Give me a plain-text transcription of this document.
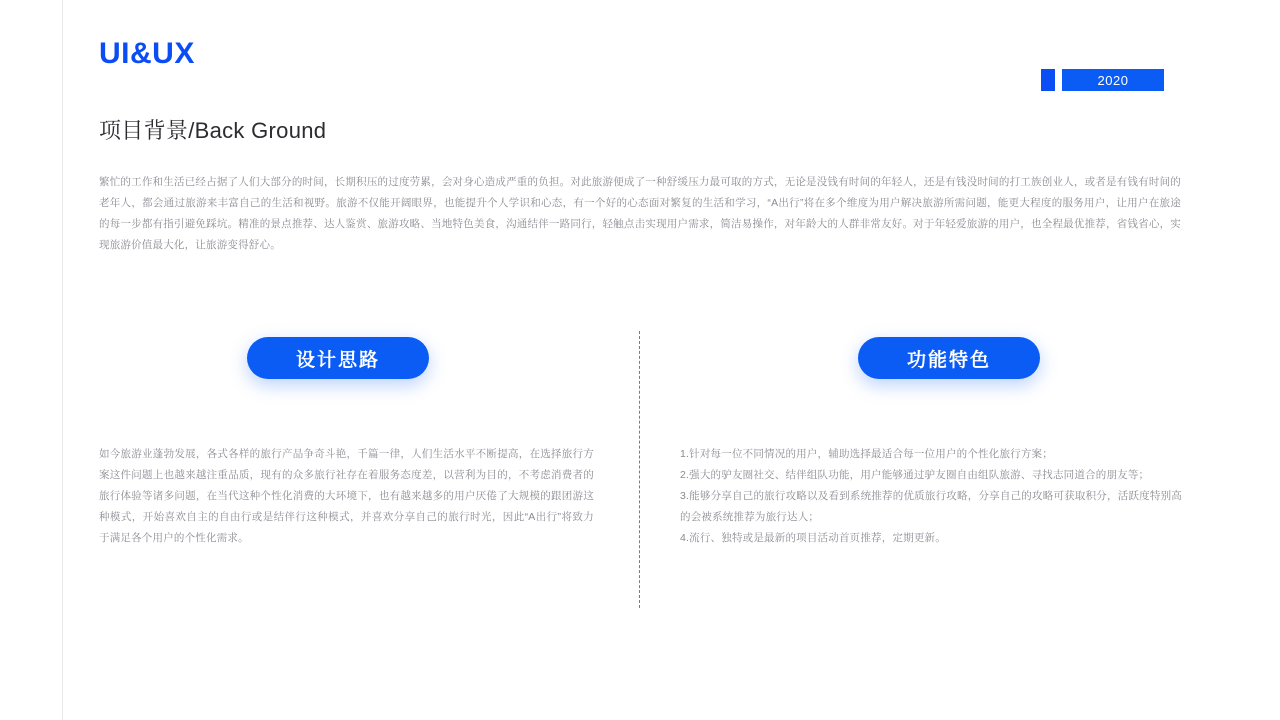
UI&UX
2020
项目背景/Back Ground
繁忙的工作和生活已经占据了人们大部分的时间，长期积压的过度劳累，会对身心造成严重的负担。对此旅游便成了一种舒缓压力最可取的方式，无论是没钱有时间的年轻人，还是有钱没时间的打工族创业人，或者是有钱有时间的老年人，都会通过旅游来丰富自己的生活和视野。旅游不仅能开阔眼界，也能提升个人学识和心态，有一个好的心态面对繁复的生活和学习，“A出行”将在多个维度为用户解决旅游所需问题，能更大程度的服务用户，让用户在旅途的每一步都有指引避免踩坑。精准的景点推荐、达人鉴赏、旅游攻略、当地特色美食，沟通结伴一路同行，轻触点击实现用户需求，简洁易操作，对年龄大的人群非常友好。对于年轻爱旅游的用户，也全程最优推荐，省钱省心，实现旅游价值最大化，让旅游变得舒心。
设计思路	功能特色
如今旅游业蓬勃发展，各式各样的旅行产品争奇斗艳，千篇一律，人们生活水平不断提高，在选择旅行方案这件问题上也越来越注重品质，现有的众多旅行社存在着服务态度差，以营利为目的，不考虑消费者的旅行体验等诸多问题，在当代这种个性化消费的大环境下，也有越来越多的用户厌倦了大规模的跟团游这种模式，开始喜欢自主的自由行或是结伴行这种模式，并喜欢分享自己的旅行时光，因此“A出行”将致力于满足各个用户的个性化需求。

1.针对每一位不同情况的用户，辅助选择最适合每一位用户的个性化旅行方案；

2.强大的驴友圈社交、结伴组队功能，用户能够通过驴友圈自由组队旅游、寻找志同道合的朋友等；

3.能够分享自己的旅行攻略以及看到系统推荐的优质旅行攻略，分享自己的攻略可获取积分，活跃度特别高的会被系统推荐为旅行达人；

4.流行、独特或是最新的项目活动首页推荐，定期更新。
